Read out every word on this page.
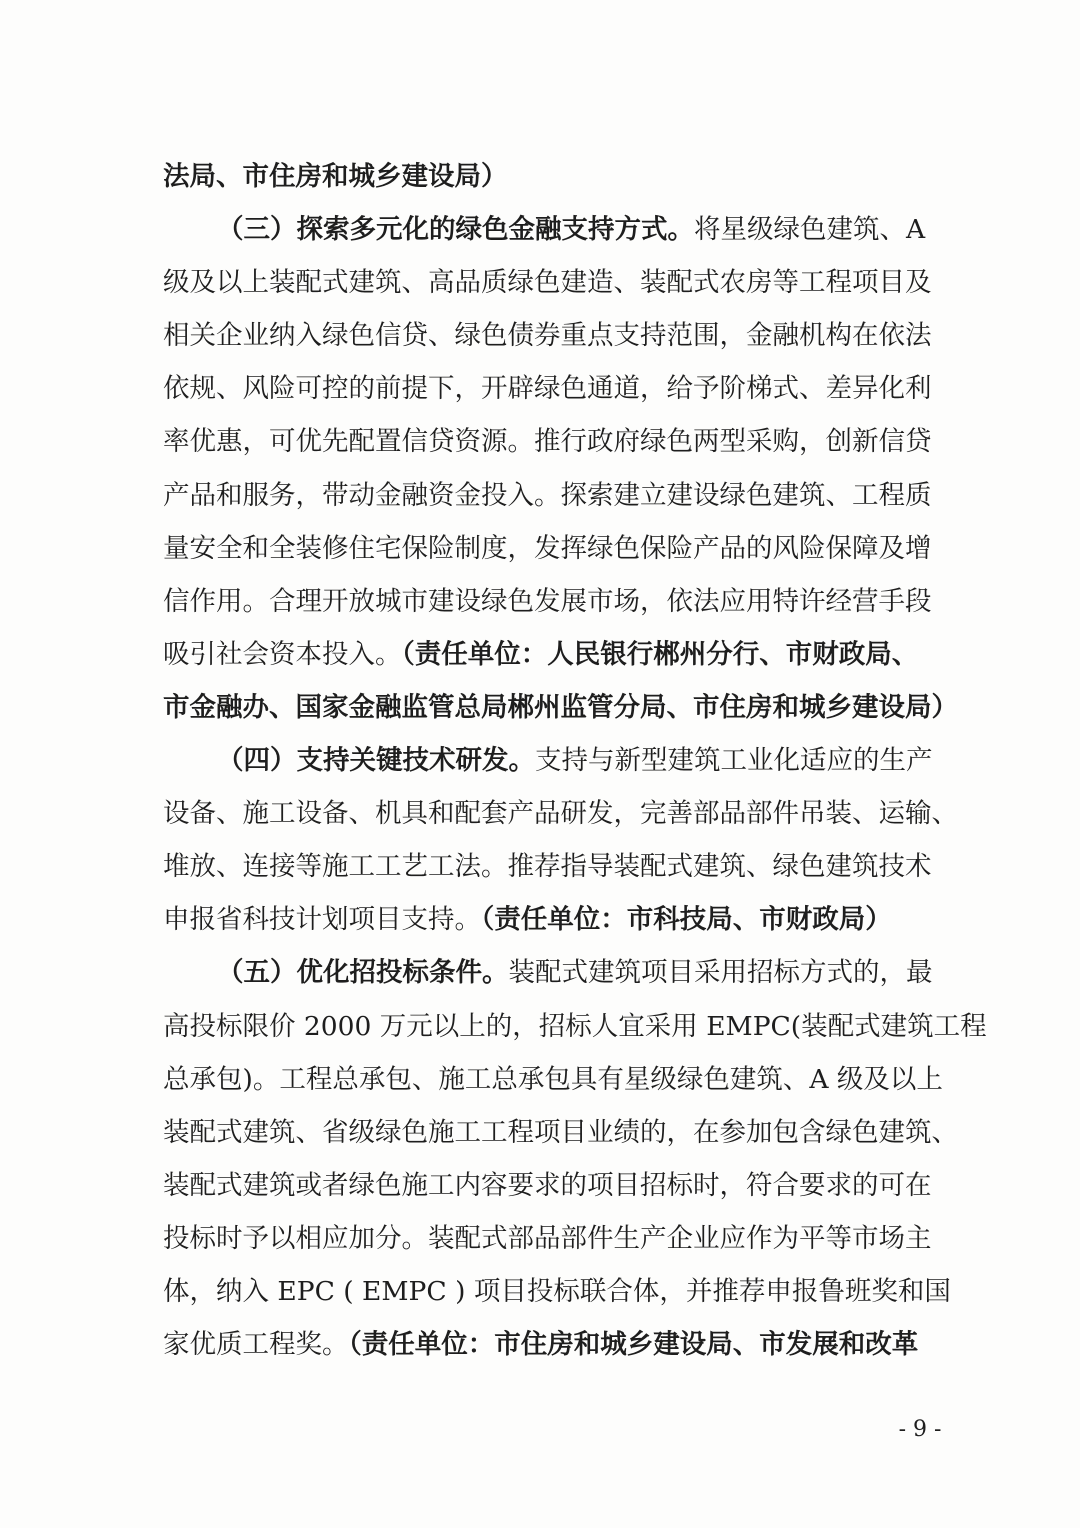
法局、市住房和城乡建设局）
（三）探索多元化的绿色金融支持方式。将星级绿色建筑、A
级及以上装配式建筑、高品质绿色建造、装配式农房等工程项目及
相关企业纳入绿色信贷、绿色债券重点支持范围，金融机构在依法
依规、风险可控的前提下，开辟绿色通道，给予阶梯式、差异化利
率优惠，可优先配置信贷资源。推行政府绿色两型采购，创新信贷
产品和服务，带动金融资金投入。探索建立建设绿色建筑、工程质
量安全和全装修住宅保险制度，发挥绿色保险产品的风险保障及增
信作用。合理开放城市建设绿色发展市场，依法应用特许经营手段
吸引社会资本投入。（责任单位：人民银行郴州分行、市财政局、
市金融办、国家金融监管总局郴州监管分局、市住房和城乡建设局）
（四）支持关键技术研发。支持与新型建筑工业化适应的生产
设备、施工设备、机具和配套产品研发，完善部品部件吊装、运输、
堆放、连接等施工工艺工法。推荐指导装配式建筑、绿色建筑技术
申报省科技计划项目支持。（责任单位：市科技局、市财政局）
（五）优化招投标条件。装配式建筑项目采用招标方式的，最
高投标限价 2000 万元以上的，招标人宜采用 EMPC(装配式建筑工程
总承包)。工程总承包、施工总承包具有星级绿色建筑、A 级及以上
装配式建筑、省级绿色施工工程项目业绩的，在参加包含绿色建筑、
装配式建筑或者绿色施工内容要求的项目招标时，符合要求的可在
投标时予以相应加分。装配式部品部件生产企业应作为平等市场主
体，纳入 EPC ( EMPC ) 项目投标联合体，并推荐申报鲁班奖和国
家优质工程奖。（责任单位：市住房和城乡建设局、市发展和改革
- 9 -
